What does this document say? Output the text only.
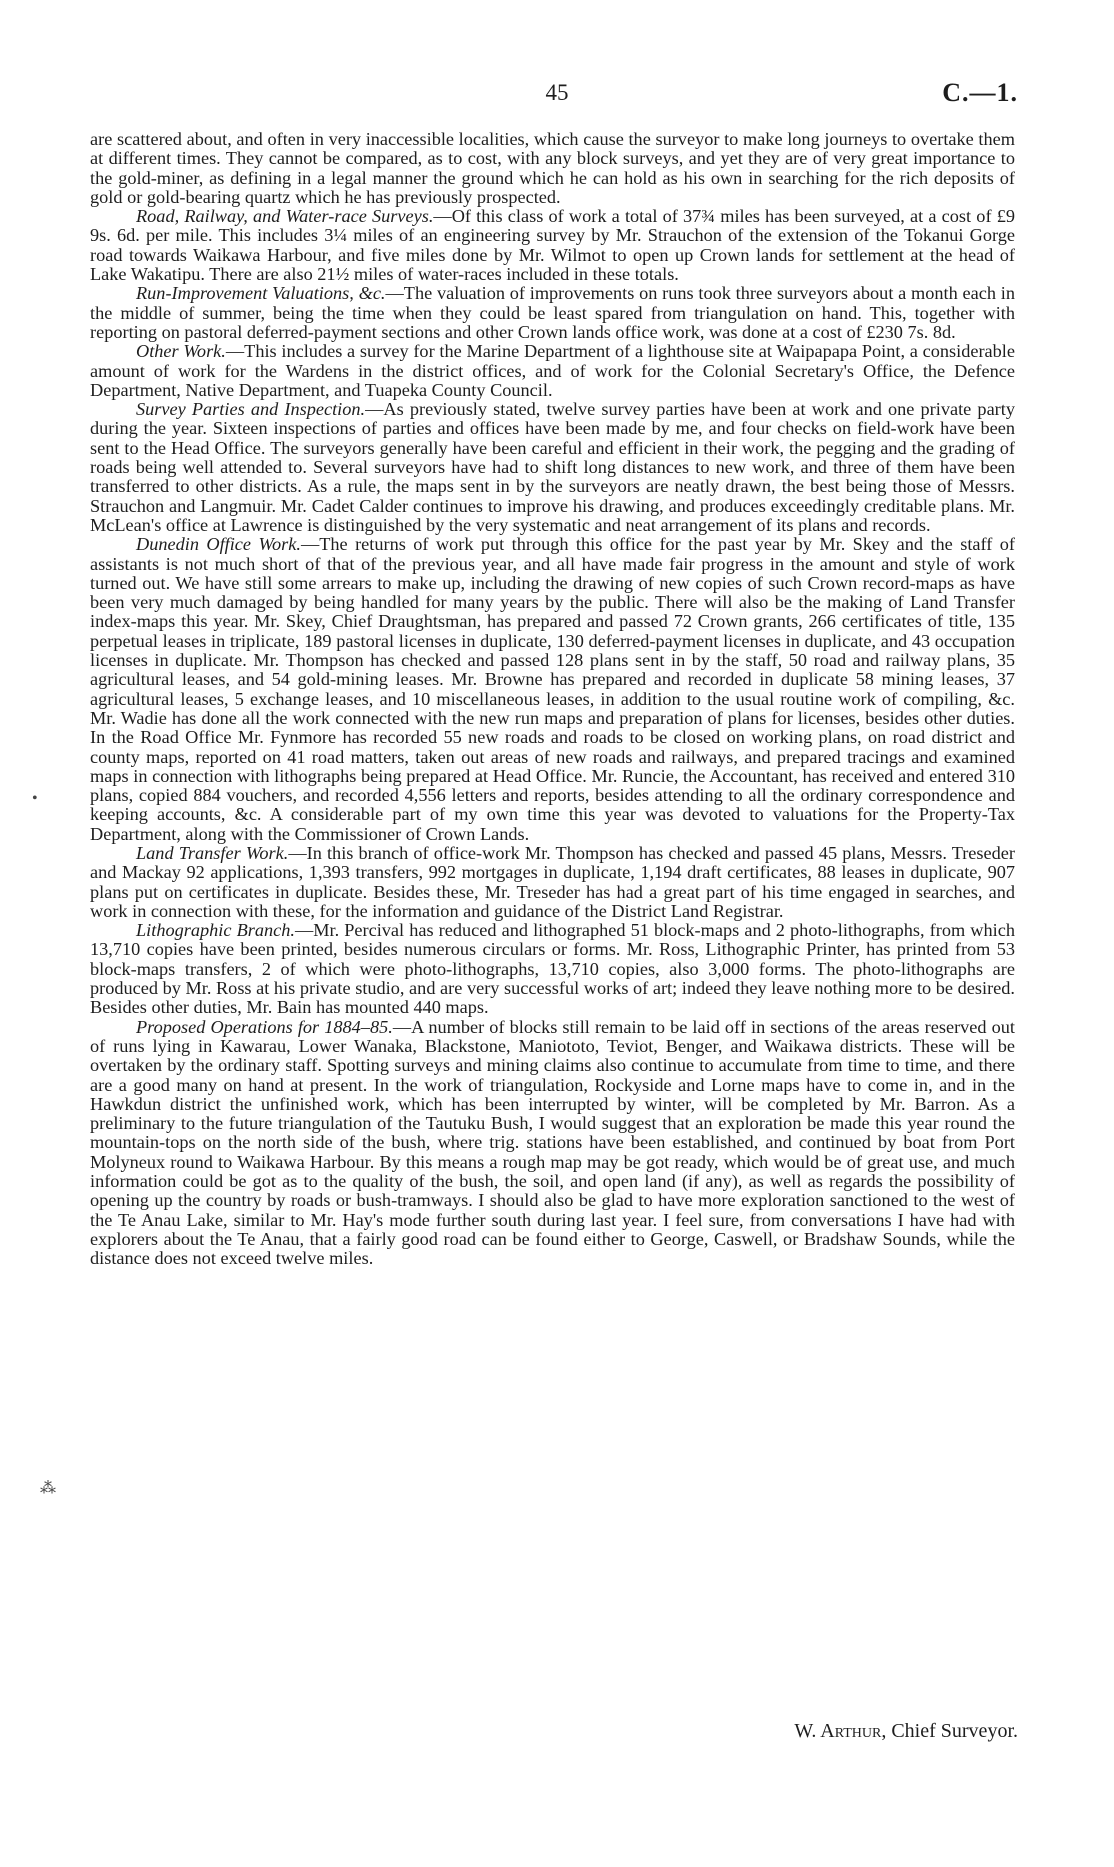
45	C.—1.

are scattered about, and often in very inaccessible localities, which cause the surveyor to make long journeys to overtake them at different times. They cannot be compared, as to cost, with any block surveys, and yet they are of very great importance to the gold-miner, as defining in a legal manner the ground which he can hold as his own in searching for the rich deposits of gold or gold-bearing quartz which he has previously prospected.

Road, Railway, and Water-race Surveys.—Of this class of work a total of 37¾ miles has been surveyed, at a cost of £9 9s. 6d. per mile. This includes 3¼ miles of an engineering survey by Mr. Strauchon of the extension of the Tokanui Gorge road towards Waikawa Harbour, and five miles done by Mr. Wilmot to open up Crown lands for settlement at the head of Lake Wakatipu. There are also 21½ miles of water-races included in these totals.

Run-Improvement Valuations, &c.—The valuation of improvements on runs took three surveyors about a month each in the middle of summer, being the time when they could be least spared from triangulation on hand. This, together with reporting on pastoral deferred-payment sections and other Crown lands office work, was done at a cost of £230 7s. 8d.

Other Work.—This includes a survey for the Marine Department of a lighthouse site at Waipapapa Point, a considerable amount of work for the Wardens in the district offices, and of work for the Colonial Secretary's Office, the Defence Department, Native Department, and Tuapeka County Council.

Survey Parties and Inspection.—As previously stated, twelve survey parties have been at work and one private party during the year. Sixteen inspections of parties and offices have been made by me, and four checks on field-work have been sent to the Head Office. The surveyors generally have been careful and efficient in their work, the pegging and the grading of roads being well attended to. Several surveyors have had to shift long distances to new work, and three of them have been transferred to other districts. As a rule, the maps sent in by the surveyors are neatly drawn, the best being those of Messrs. Strauchon and Langmuir. Mr. Cadet Calder continues to improve his drawing, and produces exceedingly creditable plans. Mr. McLean's office at Lawrence is distinguished by the very systematic and neat arrangement of its plans and records.

Dunedin Office Work.—The returns of work put through this office for the past year by Mr. Skey and the staff of assistants is not much short of that of the previous year, and all have made fair progress in the amount and style of work turned out. We have still some arrears to make up, including the drawing of new copies of such Crown record-maps as have been very much damaged by being handled for many years by the public. There will also be the making of Land Transfer index-maps this year. Mr. Skey, Chief Draughtsman, has prepared and passed 72 Crown grants, 266 certificates of title, 135 perpetual leases in triplicate, 189 pastoral licenses in duplicate, 130 deferred-payment licenses in duplicate, and 43 occupation licenses in duplicate. Mr. Thompson has checked and passed 128 plans sent in by the staff, 50 road and railway plans, 35 agricultural leases, and 54 gold-mining leases. Mr. Browne has prepared and recorded in duplicate 58 mining leases, 37 agricultural leases, 5 exchange leases, and 10 miscellaneous leases, in addition to the usual routine work of compiling, &c. Mr. Wadie has done all the work connected with the new run maps and preparation of plans for licenses, besides other duties. In the Road Office Mr. Fynmore has recorded 55 new roads and roads to be closed on working plans, on road district and county maps, reported on 41 road matters, taken out areas of new roads and railways, and prepared tracings and examined maps in connection with lithographs being prepared at Head Office. Mr. Runcie, the Accountant, has received and entered 310 plans, copied 884 vouchers, and recorded 4,556 letters and reports, besides attending to all the ordinary correspondence and keeping accounts, &c. A considerable part of my own time this year was devoted to valuations for the Property-Tax Department, along with the Commissioner of Crown Lands.

Land Transfer Work.—In this branch of office-work Mr. Thompson has checked and passed 45 plans, Messrs. Treseder and Mackay 92 applications, 1,393 transfers, 992 mortgages in duplicate, 1,194 draft certificates, 88 leases in duplicate, 907 plans put on certificates in duplicate. Besides these, Mr. Treseder has had a great part of his time engaged in searches, and work in connection with these, for the information and guidance of the District Land Registrar.

Lithographic Branch.—Mr. Percival has reduced and lithographed 51 block-maps and 2 photo-lithographs, from which 13,710 copies have been printed, besides numerous circulars or forms. Mr. Ross, Lithographic Printer, has printed from 53 block-maps transfers, 2 of which were photo-lithographs, 13,710 copies, also 3,000 forms. The photo-lithographs are produced by Mr. Ross at his private studio, and are very successful works of art; indeed they leave nothing more to be desired. Besides other duties, Mr. Bain has mounted 440 maps.

Proposed Operations for 1884–85.—A number of blocks still remain to be laid off in sections of the areas reserved out of runs lying in Kawarau, Lower Wanaka, Blackstone, Maniototo, Teviot, Benger, and Waikawa districts. These will be overtaken by the ordinary staff. Spotting surveys and mining claims also continue to accumulate from time to time, and there are a good many on hand at present. In the work of triangulation, Rockyside and Lorne maps have to come in, and in the Hawkdun district the unfinished work, which has been interrupted by winter, will be completed by Mr. Barron. As a preliminary to the future triangulation of the Tautuku Bush, I would suggest that an exploration be made this year round the mountain-tops on the north side of the bush, where trig. stations have been established, and continued by boat from Port Molyneux round to Waikawa Harbour. By this means a rough map may be got ready, which would be of great use, and much information could be got as to the quality of the bush, the soil, and open land (if any), as well as regards the possibility of opening up the country by roads or bush-tramways. I should also be glad to have more exploration sanctioned to the west of the Te Anau Lake, similar to Mr. Hay's mode further south during last year. I feel sure, from conversations I have had with explorers about the Te Anau, that a fairly good road can be found either to George, Caswell, or Bradshaw Sounds, while the distance does not exceed twelve miles.

•
⁂
W. Arthur, Chief Surveyor.
